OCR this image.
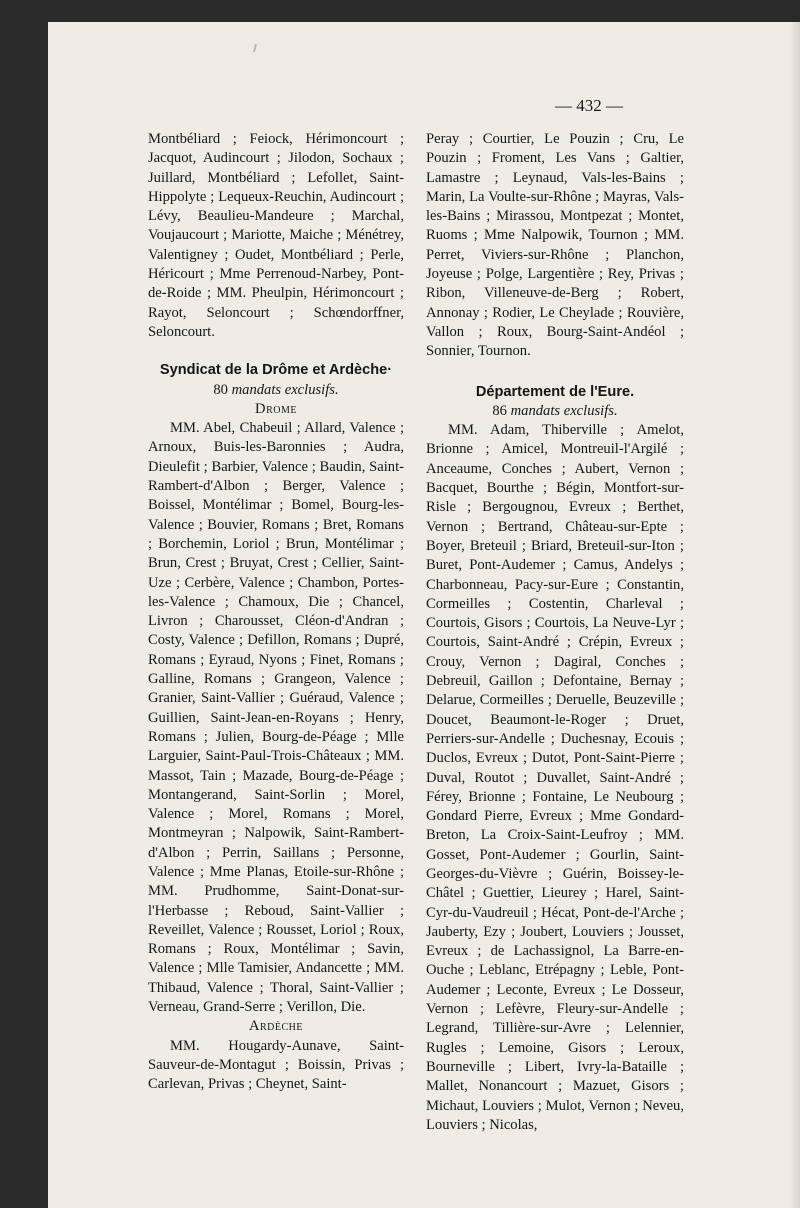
— 432 —

Montbéliard ; Feiock, Hérimoncourt ; Jacquot, Audincourt ; Jilodon, Sochaux ; Juillard, Montbéliard ; Lefollet, Saint-Hippolyte ; Lequeux-Reuchin, Audincourt ; Lévy, Beaulieu-Mandeure ; Marchal, Voujaucourt ; Mariotte, Maiche ; Ménétrey, Valentigney ; Oudet, Montbéliard ; Perle, Héricourt ; Mme Perrenoud-Narbey, Pont-de-Roide ; MM. Pheulpin, Hérimoncourt ; Rayot, Seloncourt ; Schœndorffner, Seloncourt.

Syndicat de la Drôme et Ardèche·

80 mandats exclusifs.

Drome

MM. Abel, Chabeuil ; Allard, Valence ; Arnoux, Buis-les-Baronnies ; Audra, Dieulefit ; Barbier, Valence ; Baudin, Saint-Rambert-d'Albon ; Berger, Valence ; Boissel, Montélimar ; Bomel, Bourg-les-Valence ; Bouvier, Romans ; Bret, Romans ; Borchemin, Loriol ; Brun, Montélimar ; Brun, Crest ; Bruyat, Crest ; Cellier, Saint-Uze ; Cerbère, Valence ; Chambon, Portes-les-Valence ; Chamoux, Die ; Chancel, Livron ; Charousset, Cléon-d'Andran ; Costy, Valence ; Defillon, Romans ; Dupré, Romans ; Eyraud, Nyons ; Finet, Romans ; Galline, Romans ; Grangeon, Valence ; Granier, Saint-Vallier ; Guéraud, Valence ; Guillien, Saint-Jean-en-Royans ; Henry, Romans ; Julien, Bourg-de-Péage ; Mlle Larguier, Saint-Paul-Trois-Châteaux ; MM. Massot, Tain ; Mazade, Bourg-de-Péage ; Montangerand, Saint-Sorlin ; Morel, Valence ; Morel, Romans ; Morel, Montmeyran ; Nalpowik, Saint-Rambert-d'Albon ; Perrin, Saillans ; Personne, Valence ; Mme Planas, Etoile-sur-Rhône ; MM. Prudhomme, Saint-Donat-sur-l'Herbasse ; Reboud, Saint-Vallier ; Reveillet, Valence ; Rousset, Loriol ; Roux, Romans ; Roux, Montélimar ; Savin, Valence ; Mlle Tamisier, Andancette ; MM. Thibaud, Valence ; Thoral, Saint-Vallier ; Verneau, Grand-Serre ; Verillon, Die.

Ardèche

MM. Hougardy-Aunave, Saint-Sauveur-de-Montagut ; Boissin, Privas ; Carlevan, Privas ; Cheynet, Saint-

Peray ; Courtier, Le Pouzin ; Cru, Le Pouzin ; Froment, Les Vans ; Galtier, Lamastre ; Leynaud, Vals-les-Bains ; Marin, La Voulte-sur-Rhône ; Mayras, Vals-les-Bains ; Mirassou, Montpezat ; Montet, Ruoms ; Mme Nalpowik, Tournon ; MM. Perret, Viviers-sur-Rhône ; Planchon, Joyeuse ; Polge, Largentière ; Rey, Privas ; Ribon, Villeneuve-de-Berg ; Robert, Annonay ; Rodier, Le Cheylade ; Rouvière, Vallon ; Roux, Bourg-Saint-Andéol ; Sonnier, Tournon.

Département de l'Eure.

86 mandats exclusifs.

MM. Adam, Thiberville ; Amelot, Brionne ; Amicel, Montreuil-l'Argilé ; Anceaume, Conches ; Aubert, Vernon ; Bacquet, Bourthe ; Bégin, Montfort-sur-Risle ; Bergougnou, Evreux ; Berthet, Vernon ; Bertrand, Château-sur-Epte ; Boyer, Breteuil ; Briard, Breteuil-sur-Iton ; Buret, Pont-Audemer ; Camus, Andelys ; Charbonneau, Pacy-sur-Eure ; Constantin, Cormeilles ; Costentin, Charleval ; Courtois, Gisors ; Courtois, La Neuve-Lyr ; Courtois, Saint-André ; Crépin, Evreux ; Crouy, Vernon ; Dagiral, Conches ; Debreuil, Gaillon ; Defontaine, Bernay ; Delarue, Cormeilles ; Deruelle, Beuzeville ; Doucet, Beaumont-le-Roger ; Druet, Perriers-sur-Andelle ; Duchesnay, Ecouis ; Duclos, Evreux ; Dutot, Pont-Saint-Pierre ; Duval, Routot ; Duvallet, Saint-André ; Férey, Brionne ; Fontaine, Le Neubourg ; Gondard Pierre, Evreux ; Mme Gondard-Breton, La Croix-Saint-Leufroy ; MM. Gosset, Pont-Audemer ; Gourlin, Saint-Georges-du-Vièvre ; Guérin, Boissey-le-Châtel ; Guettier, Lieurey ; Harel, Saint-Cyr-du-Vaudreuil ; Hécat, Pont-de-l'Arche ; Jauberty, Ezy ; Joubert, Louviers ; Jousset, Evreux ; de Lachassignol, La Barre-en-Ouche ; Leblanc, Etrépagny ; Leble, Pont-Audemer ; Leconte, Evreux ; Le Dosseur, Vernon ; Lefèvre, Fleury-sur-Andelle ; Legrand, Tillière-sur-Avre ; Lelennier, Rugles ; Lemoine, Gisors ; Leroux, Bourneville ; Libert, Ivry-la-Bataille ; Mallet, Nonancourt ; Mazuet, Gisors ; Michaut, Louviers ; Mulot, Vernon ; Neveu, Louviers ; Nicolas,
